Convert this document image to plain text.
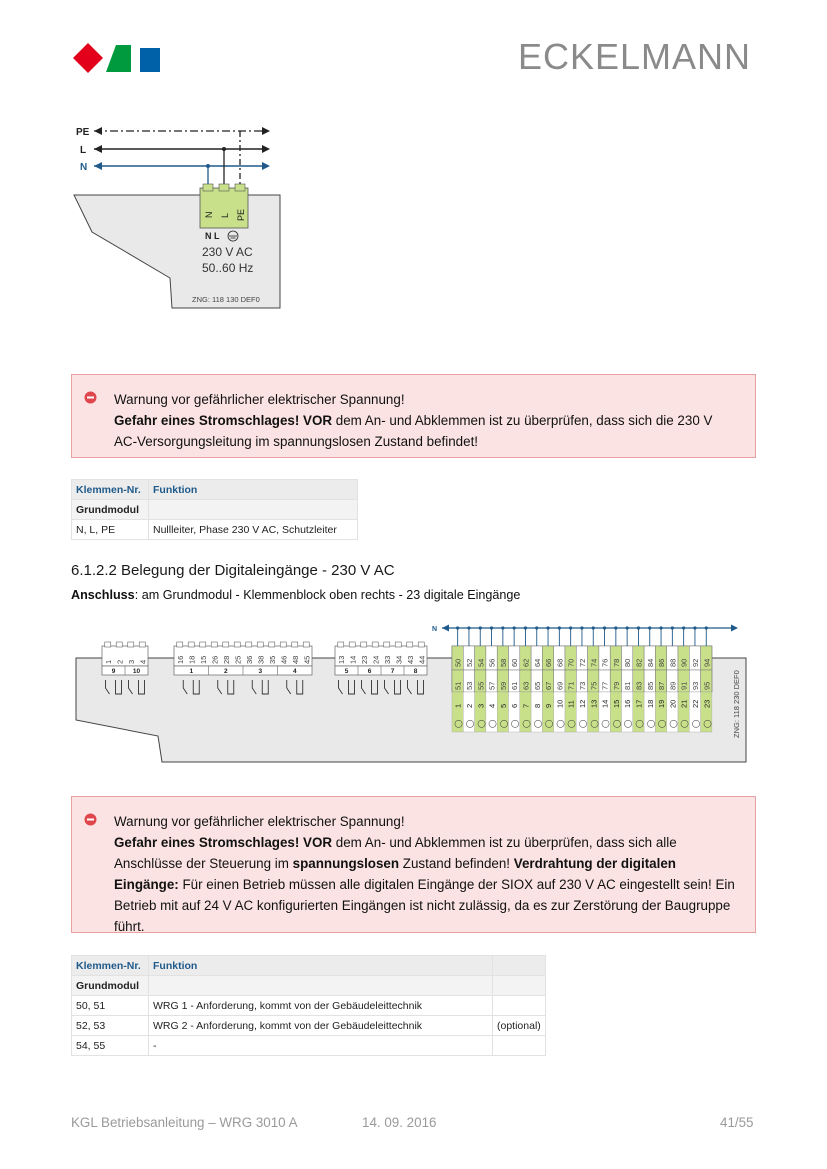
ECKELMANN
PE
L
N
N L PE
N L
230 V AC
50..60 Hz
ZNG: 118 130 DEF0
Warnung vor gefährlicher elektrischer Spannung!
Gefahr eines Stromschlages! VOR dem An- und Abklemmen ist zu überprüfen, dass sich die 230 V AC-Versorgungsleitung im spannungslosen Zustand befindet!
Klemmen-Nr.	Funktion
Grundmodul	
N, L, PE	Nullleiter, Phase 230 V AC, Schutzleiter
6.1.2.2 Belegung der Digitaleingänge - 230 V AC
Anschluss: am Grundmodul - Klemmenblock oben rechts - 23 digitale Eingänge
N
1 2 3 4
9	10
16 18 15 26 28 25 36 38 35 46 48 45
1	2	3	4
13 14 23 24 33 34 43 44
5	6	7	8
50
51
1
◯
52
53
2
◯
54
55
3
◯
56
57
4
◯
58
59
5
◯
60
61
6
◯
62
63
7
◯
64
65
8
◯
66
67
9
◯
68
69
10
◯
70
71
11
◯
72
73
12
◯
74
75
13
◯
76
77
14
◯
78
79
15
◯
80
81
16
◯
82
83
17
◯
84
85
18
◯
86
87
19
◯
88
89
20
◯
90
91
21
◯
92
93
22
◯
94
95
23
◯	ZNG: 118 230 DEF0
Warnung vor gefährlicher elektrischer Spannung!
Gefahr eines Stromschlages! VOR dem An- und Abklemmen ist zu überprüfen, dass sich alle Anschlüsse der Steuerung im spannungslosen Zustand befinden! Verdrahtung der digitalen Eingänge: Für einen Betrieb müssen alle digitalen Eingänge der SIOX auf 230 V AC eingestellt sein! Ein Betrieb mit auf 24 V AC konfigurierten Eingängen ist nicht zulässig, da es zur Zerstörung der Baugruppe führt.
Klemmen-Nr.	Funktion	
Grundmodul		
50, 51	WRG 1 - Anforderung, kommt von der Gebäudeleittechnik	
52, 53	WRG 2 - Anforderung, kommt von der Gebäudeleittechnik	(optional)
54, 55	-	
KGL Betriebsanleitung – WRG 3010 A	14. 09. 2016	41/55
